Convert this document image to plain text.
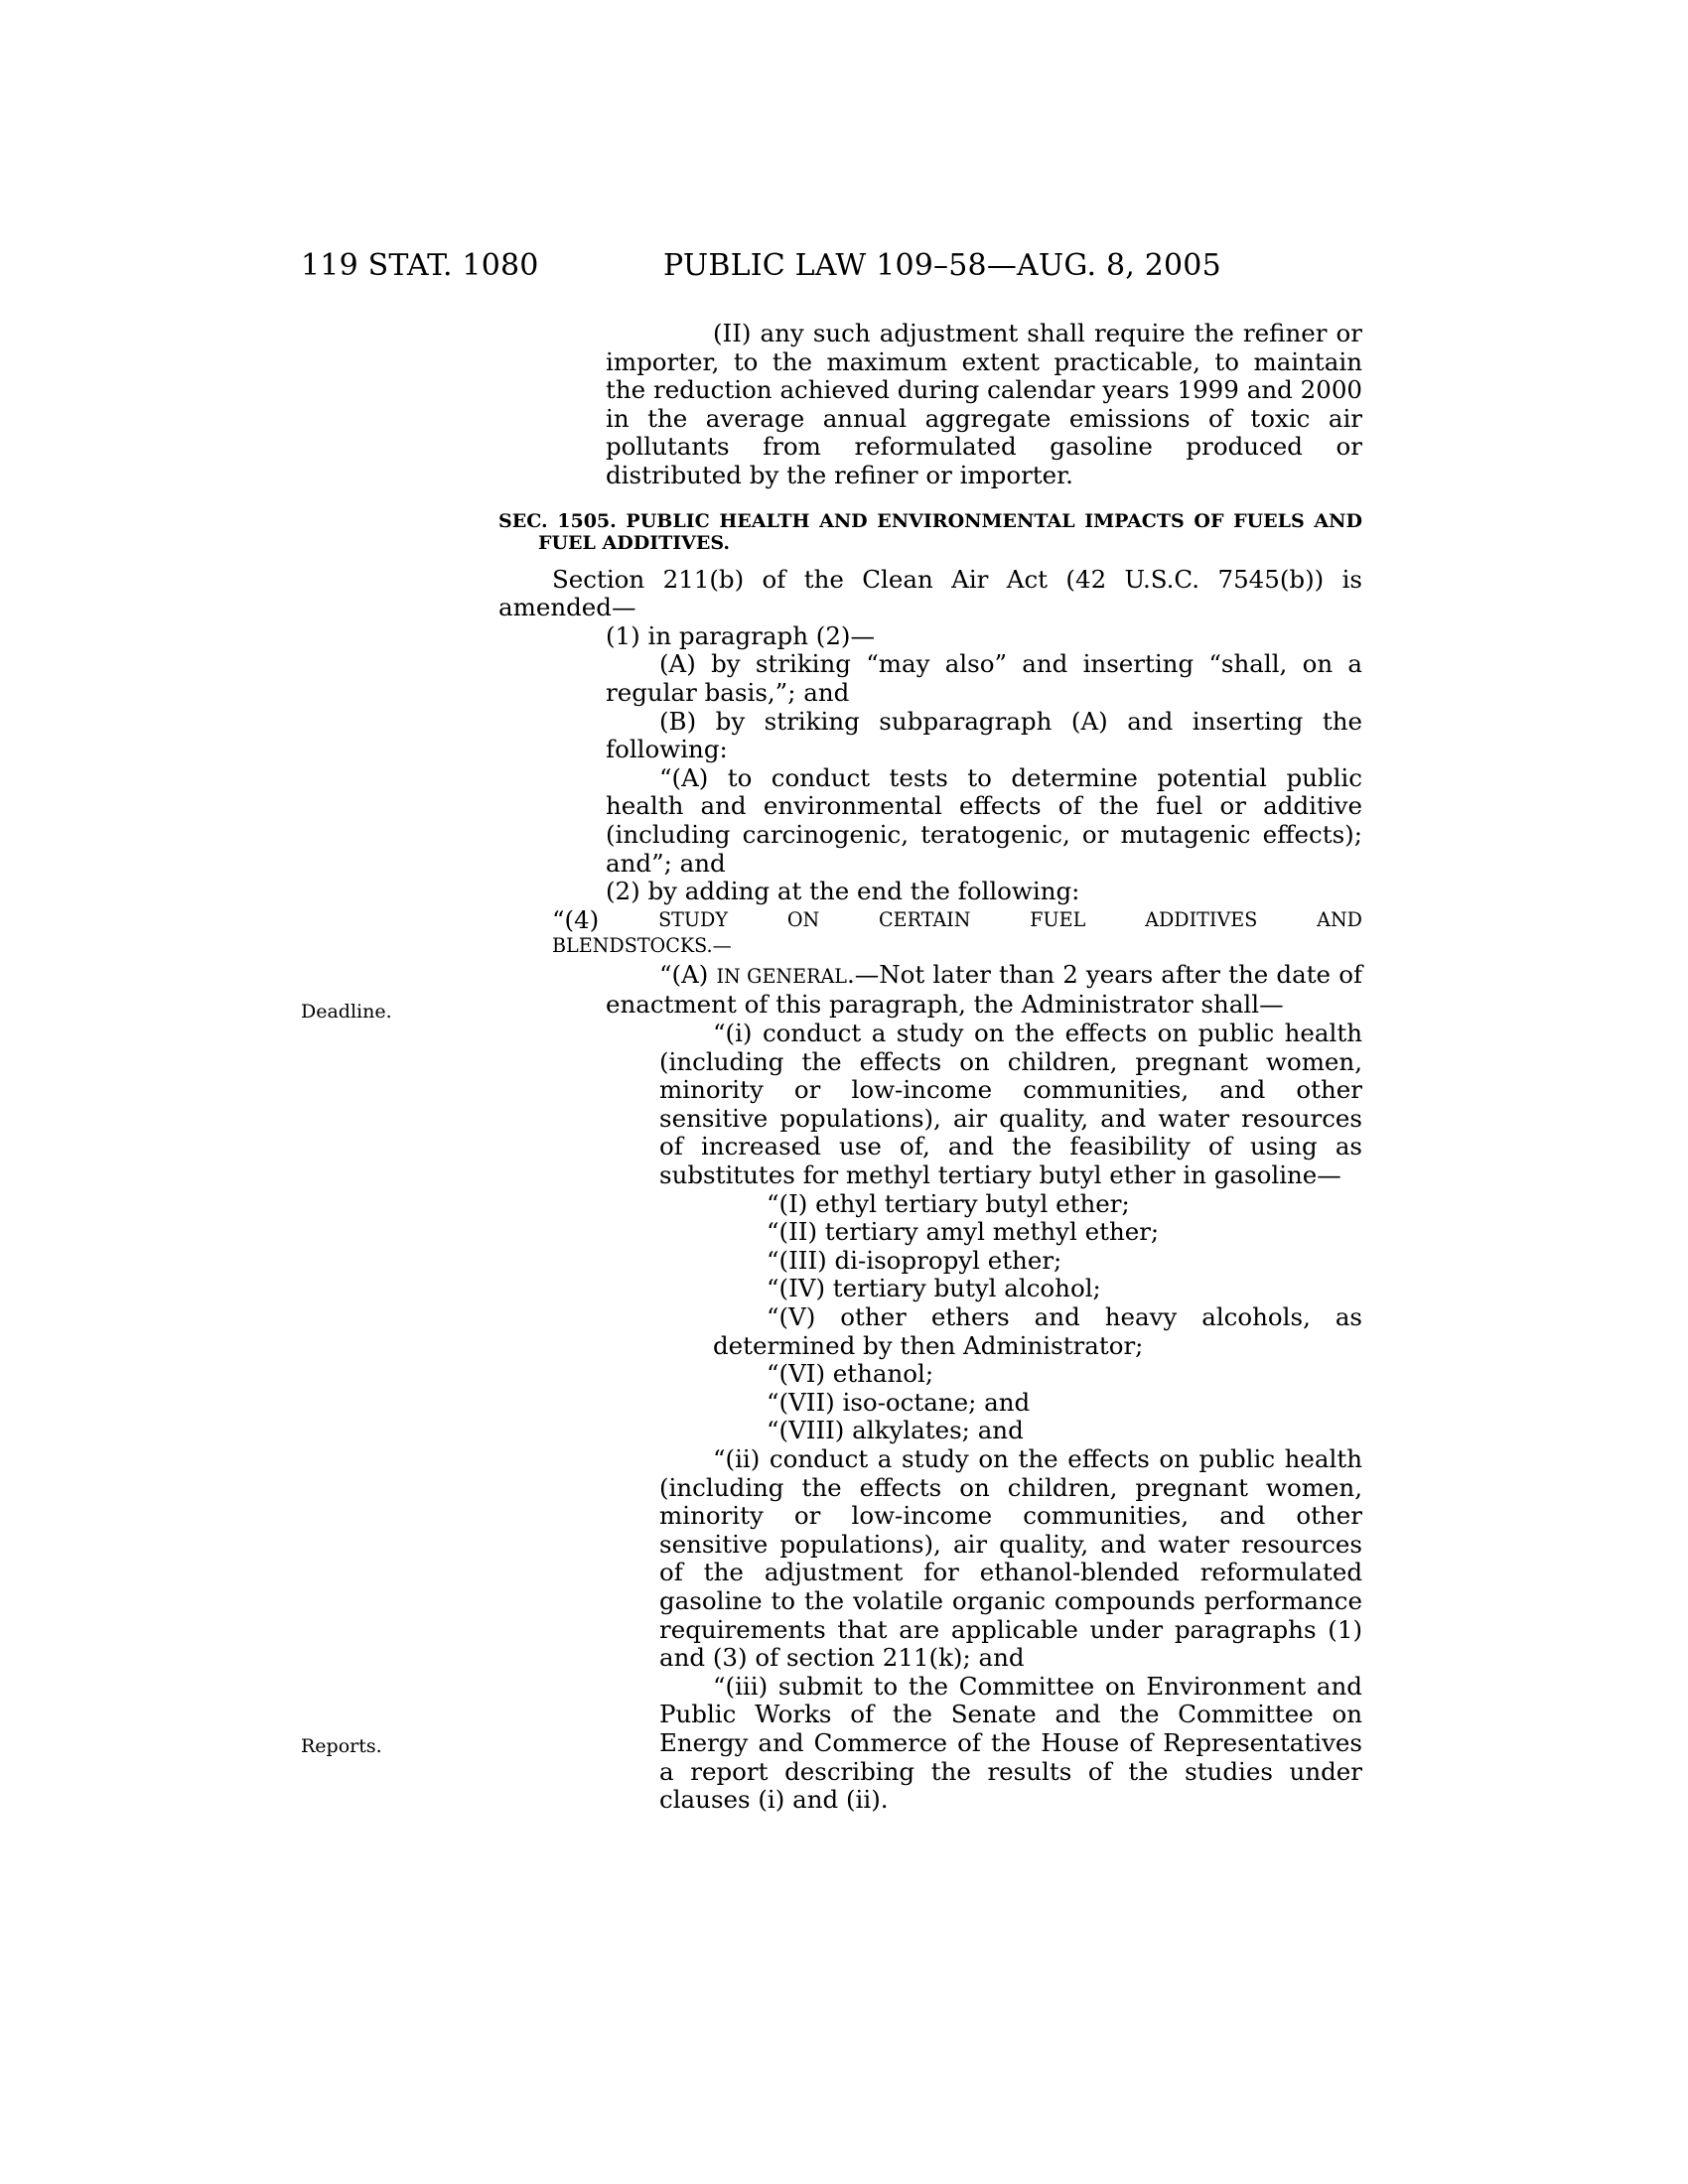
119 STAT. 1080	PUBLIC LAW 109–58—AUG. 8, 2005
Deadline.
Reports.

(II) any such adjustment shall require the refiner or importer, to the maximum extent practicable, to maintain the reduction achieved during calendar years 1999 and 2000 in the average annual aggregate emissions of toxic air pollutants from reformulated gasoline produced or distributed by the refiner or importer.

SEC. 1505. PUBLIC HEALTH AND ENVIRONMENTAL IMPACTS OF FUELS AND FUEL ADDITIVES.

Section 211(b) of the Clean Air Act (42 U.S.C. 7545(b)) is amended—

(1) in paragraph (2)—

(A) by striking “may also” and inserting “shall, on a regular basis,”; and

(B) by striking subparagraph (A) and inserting the following:

“(A) to conduct tests to determine potential public health and environmental effects of the fuel or additive (including carcinogenic, teratogenic, or mutagenic effects); and”; and

(2) by adding at the end the following:

“(4)	STUDY	ON	CERTAIN	FUEL	ADDITIVES	AND
BLENDSTOCKS.—

“(A) IN GENERAL.—Not later than 2 years after the date of enactment of this paragraph, the Administrator shall—

“(i) conduct a study on the effects on public health (including the effects on children, pregnant women, minority or low-income communities, and other sensitive populations), air quality, and water resources of increased use of, and the feasibility of using as substitutes for methyl tertiary butyl ether in gasoline—

“(I) ethyl tertiary butyl ether;

“(II) tertiary amyl methyl ether;

“(III) di-isopropyl ether;

“(IV) tertiary butyl alcohol;

“(V) other ethers and heavy alcohols, as determined by then Administrator;

“(VI) ethanol;

“(VII) iso-octane; and

“(VIII) alkylates; and

“(ii) conduct a study on the effects on public health (including the effects on children, pregnant women, minority or low-income communities, and other sensitive populations), air quality, and water resources of the adjustment for ethanol-blended reformulated gasoline to the volatile organic compounds performance requirements that are applicable under paragraphs (1) and (3) of section 211(k); and

“(iii) submit to the Committee on Environment and Public Works of the Senate and the Committee on Energy and Commerce of the House of Representatives a report describing the results of the studies under clauses (i) and (ii).
